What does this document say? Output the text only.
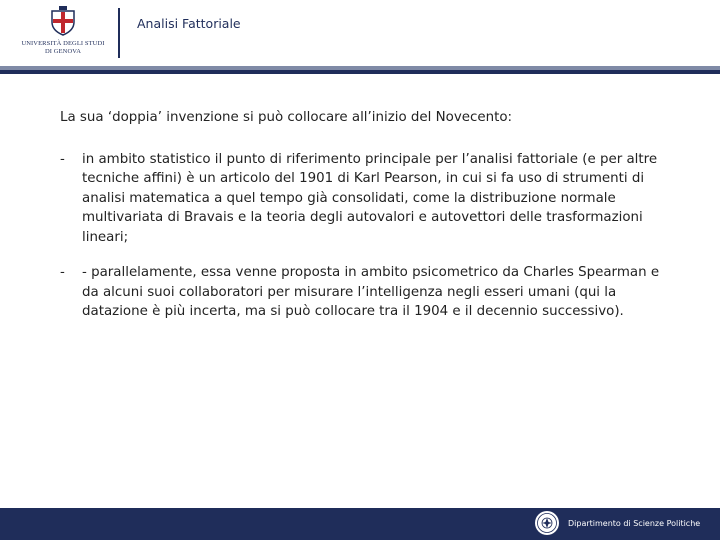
UNIVERSITÀ DEGLI STUDI
DI GENOVA
Analisi Fattoriale

La sua ‘doppia’ invenzione si può collocare all’inizio del Novecento:

- in ambito statistico il punto di riferimento principale per l’analisi fattoriale (e per altre tecniche affini) è un articolo del 1901 di Karl Pearson, in cui si fa uso di strumenti di analisi matematica a quel tempo già consolidati, come la distribuzione normale multivariata di Bravais e la teoria degli autovalori e autovettori delle trasformazioni lineari;
- - parallelamente, essa venne proposta in ambito psicometrico da Charles Spearman e da alcuni suoi collaboratori per misurare l’intelligenza negli esseri umani (qui la datazione è più incerta, ma si può collocare tra il 1904 e il decennio successivo).
Dipartimento di Scienze Politiche
